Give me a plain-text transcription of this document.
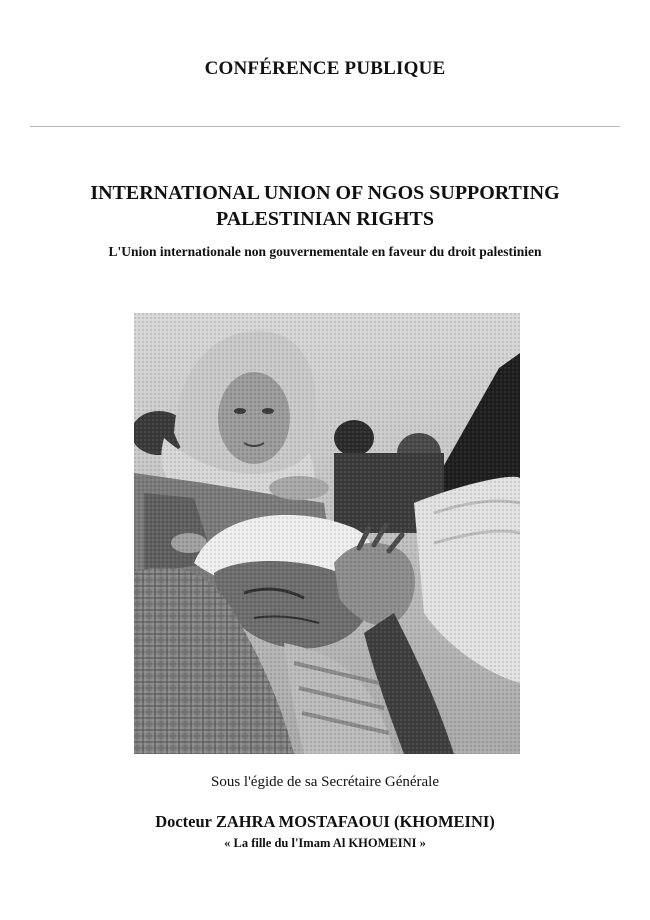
CONFÉRENCE PUBLIQUE
INTERNATIONAL UNION OF NGOS SUPPORTING
PALESTINIAN RIGHTS
L'Union internationale non gouvernementale en faveur du droit palestinien
Sous l'égide de sa Secrétaire Générale
Docteur ZAHRA MOSTAFAOUI (KHOMEINI)
« La fille du l'Imam Al KHOMEINI »
